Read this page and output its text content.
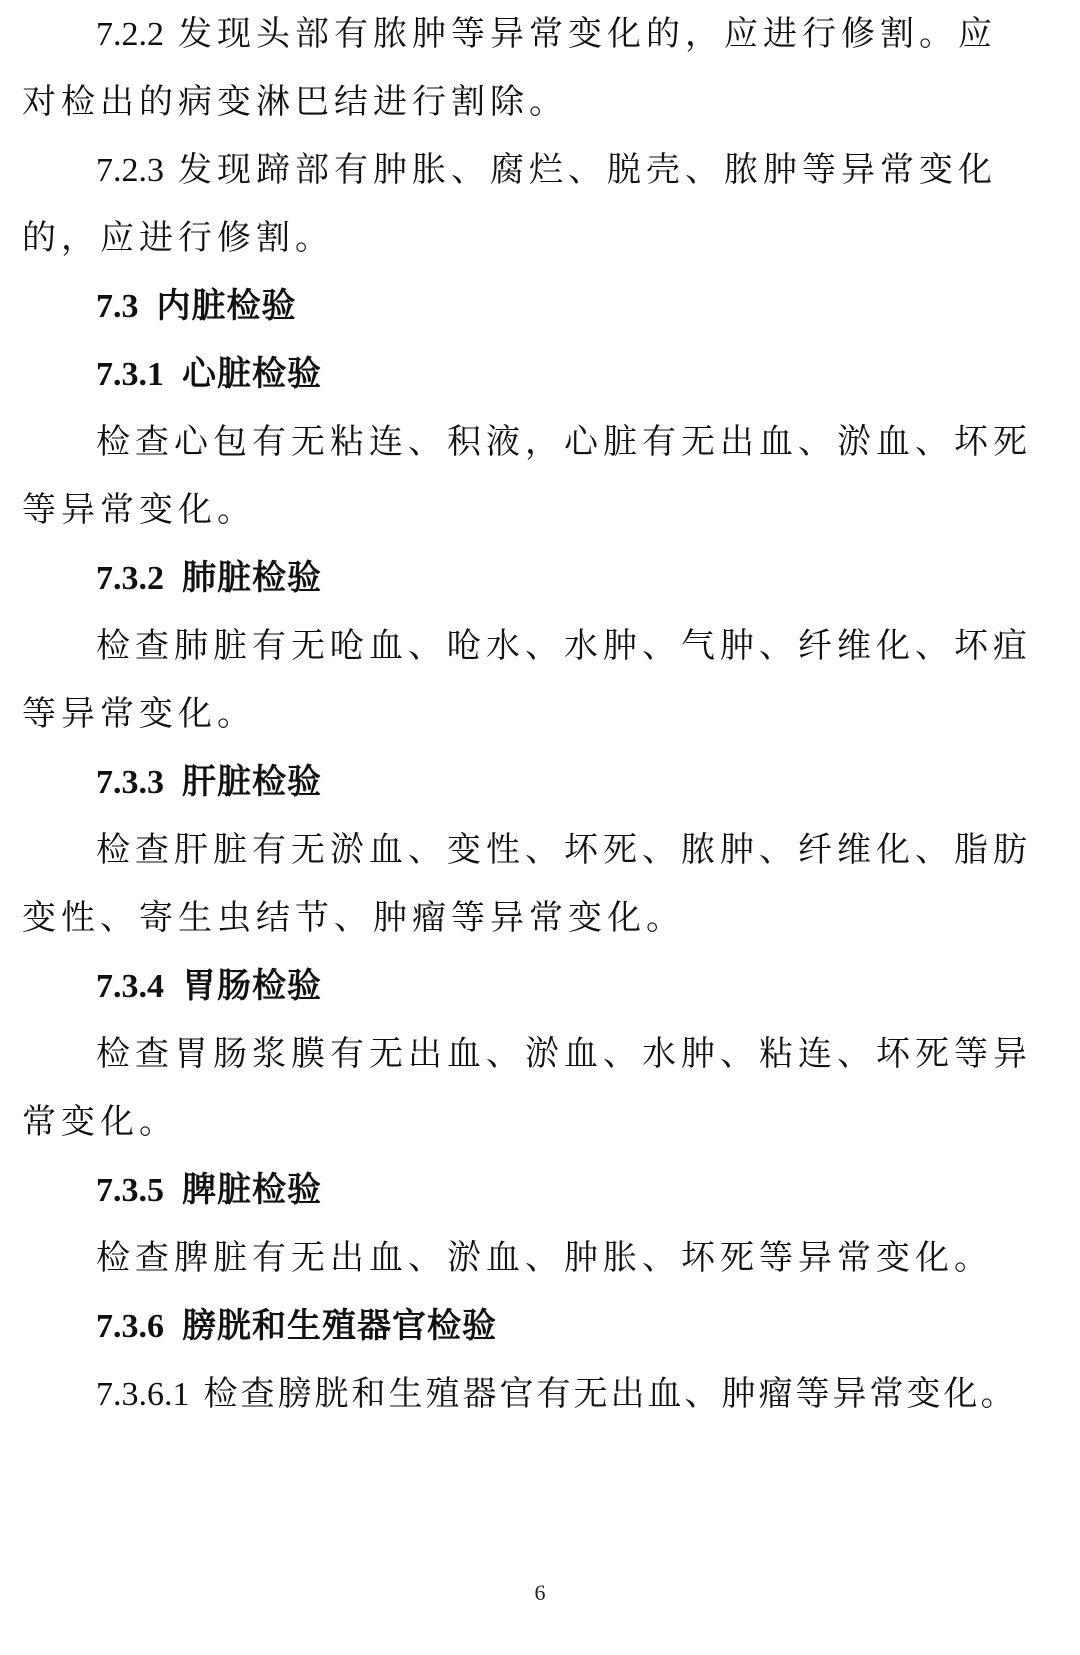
7.2.2 发现头部有脓肿等异常变化的，应进行修割。应
对检出的病变淋巴结进行割除。
7.2.3 发现蹄部有肿胀、腐烂、脱壳、脓肿等异常变化
的，应进行修割。
7.3 内脏检验
7.3.1 心脏检验
检查心包有无粘连、积液，心脏有无出血、淤血、坏死
等异常变化。
7.3.2 肺脏检验
检查肺脏有无呛血、呛水、水肿、气肿、纤维化、坏疽
等异常变化。
7.3.3 肝脏检验
检查肝脏有无淤血、变性、坏死、脓肿、纤维化、脂肪
变性、寄生虫结节、肿瘤等异常变化。
7.3.4 胃肠检验
检查胃肠浆膜有无出血、淤血、水肿、粘连、坏死等异
常变化。
7.3.5 脾脏检验
检查脾脏有无出血、淤血、肿胀、坏死等异常变化。
7.3.6 膀胱和生殖器官检验
7.3.6.1 检查膀胱和生殖器官有无出血、肿瘤等异常变化。
6
